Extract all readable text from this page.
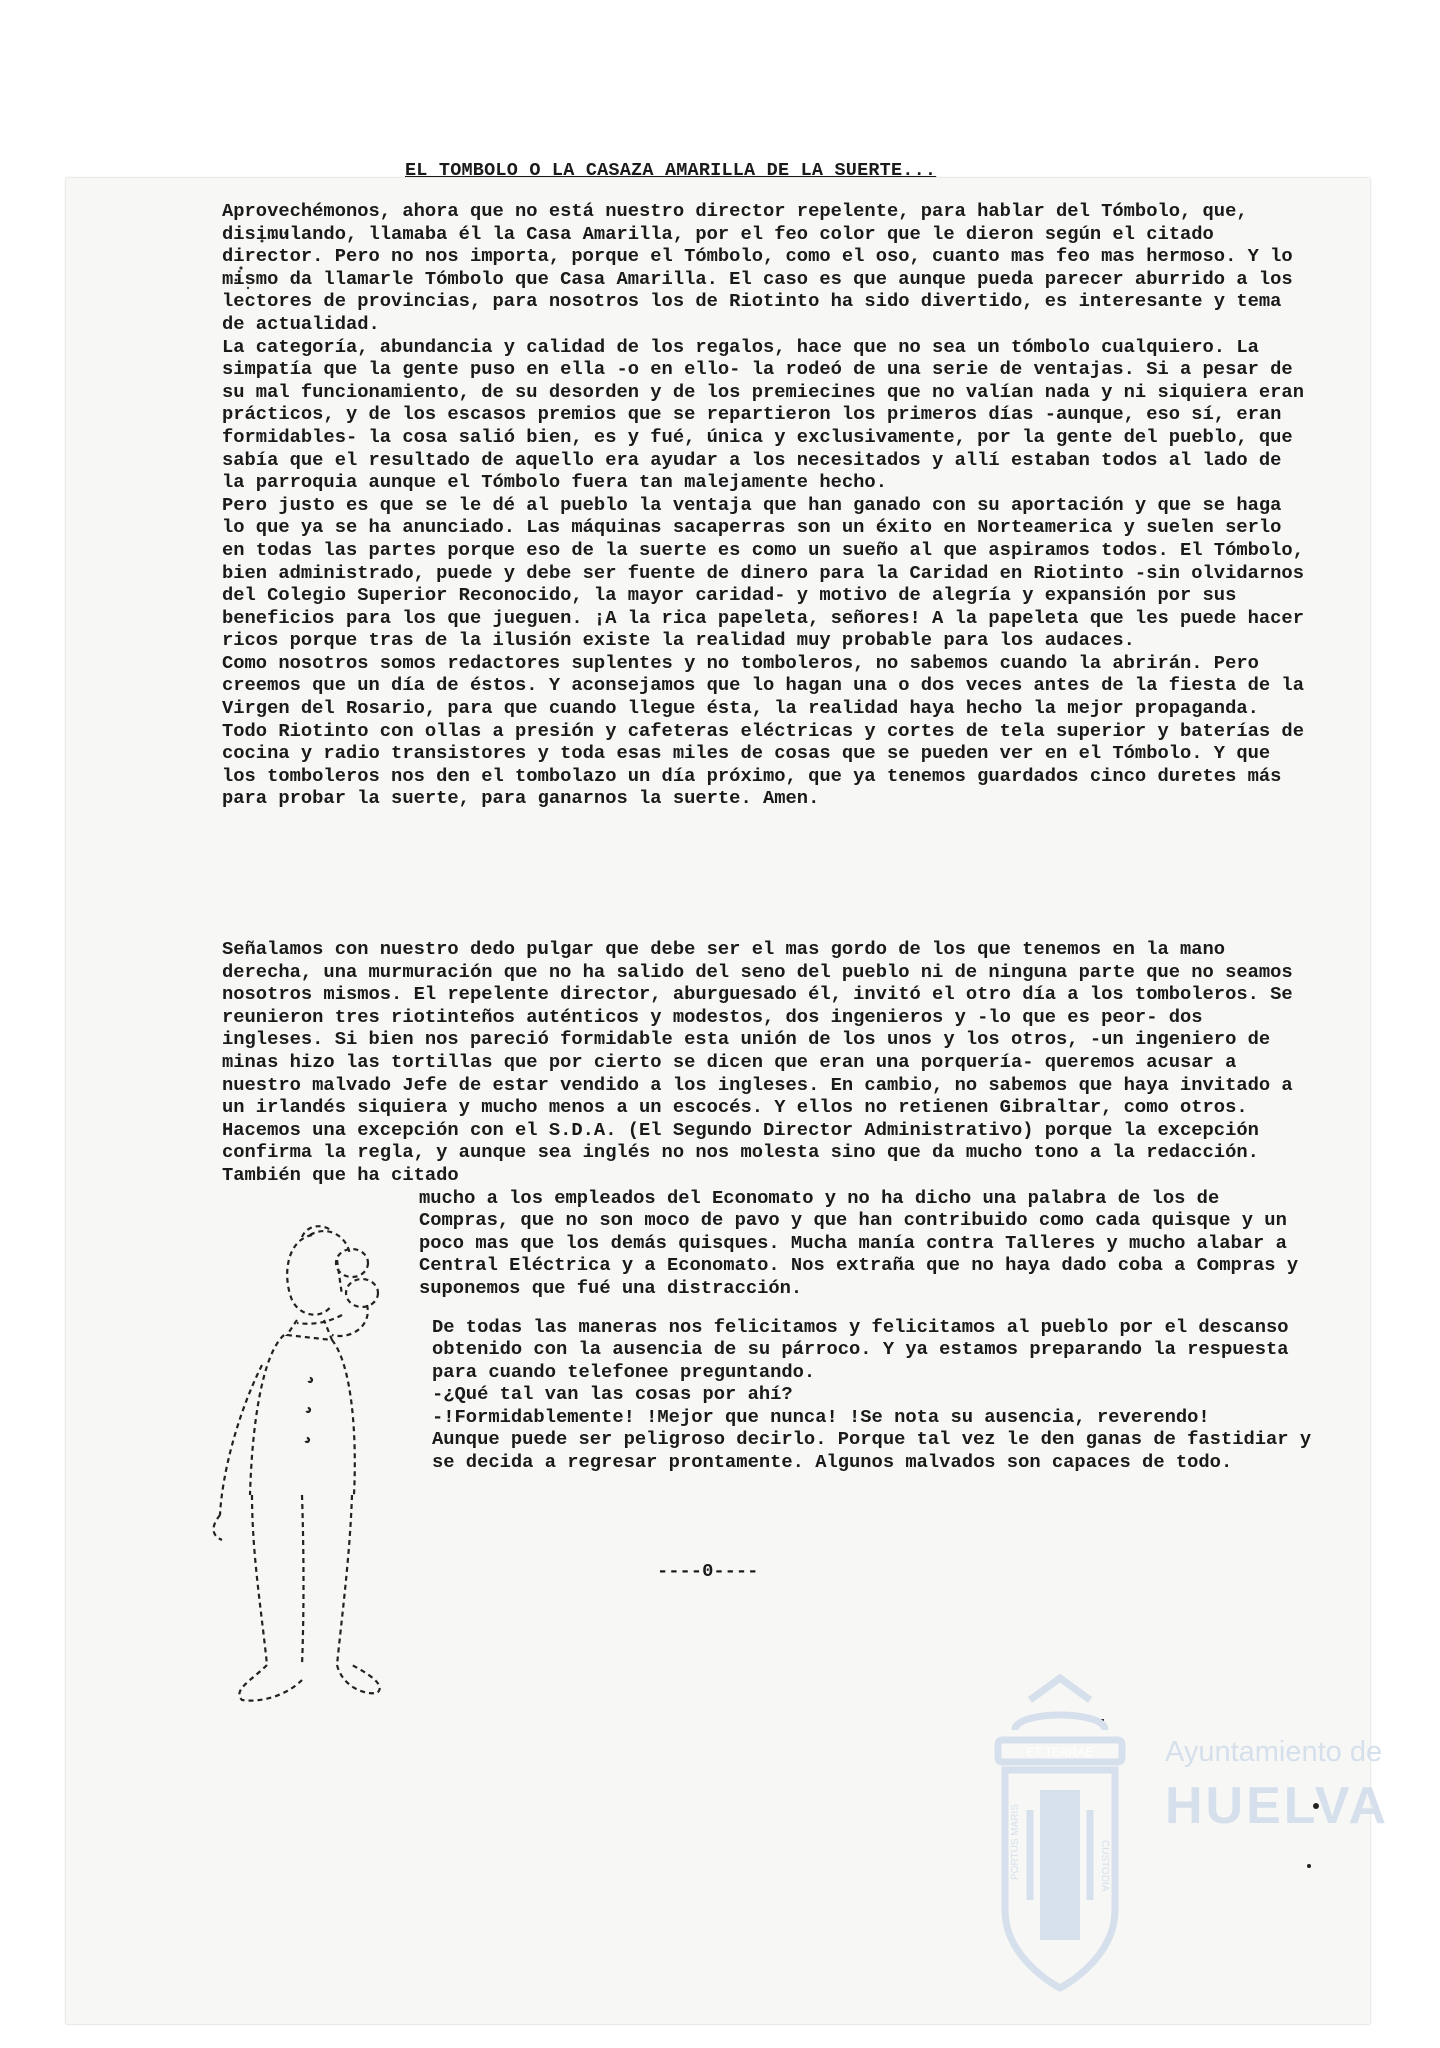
EL TOMBOLO O LA CASAZA AMARILLA DE LA SUERTE...

Aprovechémonos, ahora que no está nuestro director repelente, para hablar del Tómbolo, que, disimulando, llamaba él la Casa Amarilla, por el feo color que le dieron según el citado director. Pero no nos importa, porque el Tómbolo, como el oso, cuanto mas feo mas hermoso. Y lo mismo da llamarle Tómbolo que Casa Amarilla. El caso es que aunque pueda parecer aburrido a los lectores de provincias, para nosotros los de Riotinto ha sido divertido, es interesante y tema de actualidad.

La categoría, abundancia y calidad de los regalos, hace que no sea un tómbolo cualquiero. La simpatía que la gente puso en ella -o en ello- la rodeó de una serie de ventajas. Si a pesar de su mal funcionamiento, de su desorden y de los premiecines que no valían nada y ni siquiera eran prácticos, y de los escasos premios que se repartieron los primeros días -aunque, eso sí, eran formidables- la cosa salió bien, es y fué, única y exclusivamente, por la gente del pueblo, que sabía que el resultado de aquello era ayudar a los necesitados y allí estaban todos al lado de la parroquia aunque el Tómbolo fuera tan malejamente hecho.

Pero justo es que se le dé al pueblo la ventaja que han ganado con su aportación y que se haga lo que ya se ha anunciado. Las máquinas sacaperras son un éxito en Norteamerica y suelen serlo en todas las partes porque eso de la suerte es como un sueño al que aspiramos todos. El Tómbolo, bien administrado, puede y debe ser fuente de dinero para la Caridad en Riotinto -sin olvidarnos del Colegio Superior Reconocido, la mayor caridad- y motivo de alegría y expansión por sus beneficios para los que jueguen. ¡A la rica papeleta, señores! A la papeleta que les puede hacer ricos porque tras de la ilusión existe la realidad muy probable para los audaces.

Como nosotros somos redactores suplentes y no tomboleros, no sabemos cuando la abrirán. Pero creemos que un día de éstos. Y aconsejamos que lo hagan una o dos veces antes de la fiesta de la Virgen del Rosario, para que cuando llegue ésta, la realidad haya hecho la mejor propaganda.

Todo Riotinto con ollas a presión y cafeteras eléctricas y cortes de tela superior y baterías de cocina y radio transistores y toda esas miles de cosas que se pueden ver en el Tómbolo. Y que los tomboleros nos den el tombolazo un día próximo, que ya tenemos guardados cinco duretes más para probar la suerte, para ganarnos la suerte. Amen.

Señalamos con nuestro dedo pulgar que debe ser el mas gordo de los que tenemos en la mano derecha, una murmuración que no ha salido del seno del pueblo ni de ninguna parte que no seamos nosotros mismos. El repelente director, aburguesado él, invitó el otro día a los tomboleros. Se reunieron tres riotinteños auténticos y modestos, dos ingenieros y -lo que es peor- dos ingleses. Si bien nos pareció formidable esta unión de los unos y los otros, -un ingeniero de minas hizo las tortillas que por cierto se dicen que eran una porquería- queremos acusar a nuestro malvado Jefe de estar vendido a los ingleses. En cambio, no sabemos que haya invitado a un irlandés siquiera y mucho menos a un escocés. Y ellos no retienen Gibraltar, como otros. Hacemos una excepción con el S.D.A. (El Segundo Director Administrativo) porque la excepción confirma la regla, y aunque sea inglés no nos molesta sino que da mucho tono a la redacción. También que ha citado

mucho a los empleados del Economato y no ha dicho una palabra de los de Compras, que no son moco de pavo y que han contribuido como cada quisque y un poco mas que los demás quisques. Mucha manía contra Talleres y mucho alabar a Central Eléctrica y a Economato. Nos extraña que no haya dado coba a Compras y suponemos que fué una distracción.

De todas las maneras nos felicitamos y felicitamos al pueblo por el descanso obtenido con la ausencia de su párroco. Y ya estamos preparando la respuesta para cuando telefonee preguntando.

-¿Qué tal van las cosas por ahí?

-!Formidablemente! !Mejor que nunca! !Se nota su ausencia, reverendo!

Aunque puede ser peligroso decirlo. Porque tal vez le den ganas de fastidiar y se decida a regresar prontamente. Algunos malvados son capaces de todo.

----0----
ET TERRAE
PORTUS MARIS	CUSTODIA
Ayuntamiento de
HUELVA
